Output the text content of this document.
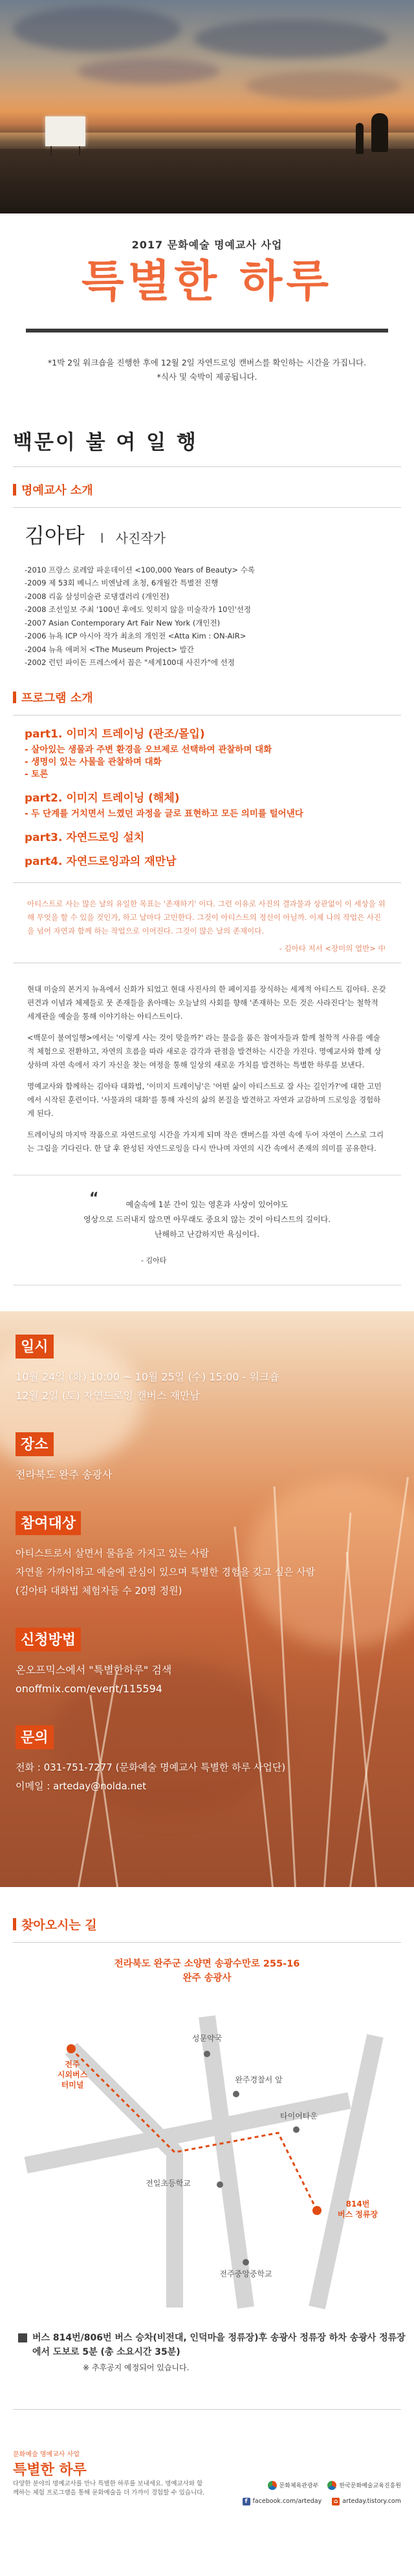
2017 문화예술 명예교사 사업
특별한 하루

*1박 2일 워크숍을 진행한 후에 12월 2일 자연드로잉 캔버스를 확인하는 시간을 가집니다.

*식사 및 숙박이 제공됩니다.

백문이 불 여 일 행
명예교사 소개
김아타 I 사진작가
-2010 프랑스 로레알 파운데이션 <100,000 Years of Beauty> 수록
-2009 제 53회 베니스 비엔날레 초청, 6개월간 특별전 진행
-2008 리움 삼성미술관 로댕갤러리 (개인전)
-2008 조선일보 주최 '100년 후에도 잊히지 않을 미술작가 10인'선정
-2007 Asian Contemporary Art Fair New York (개인전)
-2006 뉴욕 ICP 아시아 작가 최초의 개인전 <Atta Kim : ON-AIR>
-2004 뉴욕 애퍼처 <The Museum Project> 발간
-2002 런던 파이돈 프레스에서 꼽은 "세계100대 사진가"에 선정
프로그램 소개
part1. 이미지 트레이닝 (관조/몰입)
- 살아있는 생물과 주변 환경을 오브제로 선택하여 관찰하며 대화
- 생명이 있는 사물을 관찰하며 대화
- 토론
part2. 이미지 트레이닝 (해체)
- 두 단계를 거치면서 느꼈던 과정을 글로 표현하고 모든 의미를 털어낸다
part3. 자연드로잉 설치
part4. 자연드로잉과의 재만남
아티스트로 사는 많은 날의 유일한 목표는 '존재하기' 이다. 그런 이유로 사진의 결과물과 상관없이 이 세상을 위해 무엇을 할 수 있을 것인가, 하고 날마다 고민한다. 그것이 아티스트의 정신이 아닐까. 이제 나의 작업은 사진을 넘어 자연과 함께 하는 작업으로 이어진다. 그것이 많은 날의 존재이다.
- 김아타 저서 <장미의 열반> 中

현대 미술의 본거지 뉴욕에서 신화가 되었고 현대 사진사의 한 페이지를 장식하는 세계적 아티스트 김아타. 온갖 편견과 이념과 체제들로 뭇 존재들을 옭아매는 오늘날의 사회를 향해 '존재하는 모든 것은 사라진다'는 철학적 세계관을 예술을 통해 이야기하는 아티스트이다.

<백문이 불여일행>에서는 '이렇게 사는 것이 맞을까?' 라는 물음을 품은 참여자들과 함께 철학적 사유를 예술적 체험으로 전환하고, 자연의 흐름을 따라 새로운 감각과 관점을 발견하는 시간을 가진다. 명예교사와 함께 상상하며 자연 속에서 자기 자신을 찾는 여정을 통해 일상의 새로운 가치를 발견하는 특별한 하루를 보낸다.

명예교사와 함께하는 김아타 대화법, '이미지 트레이닝'은 '어떤 삶이 아티스트로 잘 사는 길인가?'에 대한 고민에서 시작된 훈련이다. '사물과의 대화'를 통해 자신의 삶의 본질을 발견하고 자연과 교감하며 드로잉을 경험하게 된다.

트레이닝의 마지막 작품으로 자연드로잉 시간을 가지게 되며 작은 캔버스를 자연 속에 두어 자연이 스스로 그리는 그림을 기다린다. 한 달 후 완성된 자연드로잉을 다시 만나며 자연의 시간 속에서 존재의 의미를 공유한다.

“	예술속에 1분 간이 있는 영혼과 사상이 있어야도
영상으로 드러내지 않으면 아무래도 중요치 않는 것이 아티스트의 길이다.
난해하고 난감하지만 욕심이다.
- 김아타
일시
10월 24일 (화) 10:00 ~ 10월 25일 (수) 15:00 - 워크숍
12월 2일 (토) 자연드로잉 캔버스 재만남
장소
전라북도 완주 송광사
참여대상
아티스트로서 살면서 물음을 가지고 있는 사람
자연을 가까이하고 예술에 관심이 있으며 특별한 경험을 갖고 싶은 사람
(김아타 대화법 체험자들 수 20명 정원)
신청방법
온오프믹스에서 "특별한하루" 검색
onoffmix.com/event/115594
문의
전화 : 031-751-7277 (문화예술 명예교사 특별한 하루 사업단)
이메일 : arteday@nolda.net
찾아오시는 길
전라북도 완주군 소양면 송광수만로 255-16
완주 송광사
전주
시외버스
터미널
성문약국
완주경찰서 앞
타이어타운
814번
버스 정류장
전일초등학교
전주중앙중학교
버스 814번/806번 버스 승차(비전대, 인덕마을 정류장)후 송광사 정류장 하차 송광사 정류장에서 도보로 5분 (총 소요시간 35분)
※ 추후공지 예정되어 있습니다.
문화예술 명예교사 사업
특별한 하루
다양한 분야의 명예교사를 만나 특별한 하루를 보내세요. 명예교사와 함께하는 체험 프로그램을 통해 문화예술을 더 가까이 경험할 수 있습니다.
문화체육관광부	한국문화예술교육진흥원
f facebook.com/arteday	⌂ arteday.tistory.com
